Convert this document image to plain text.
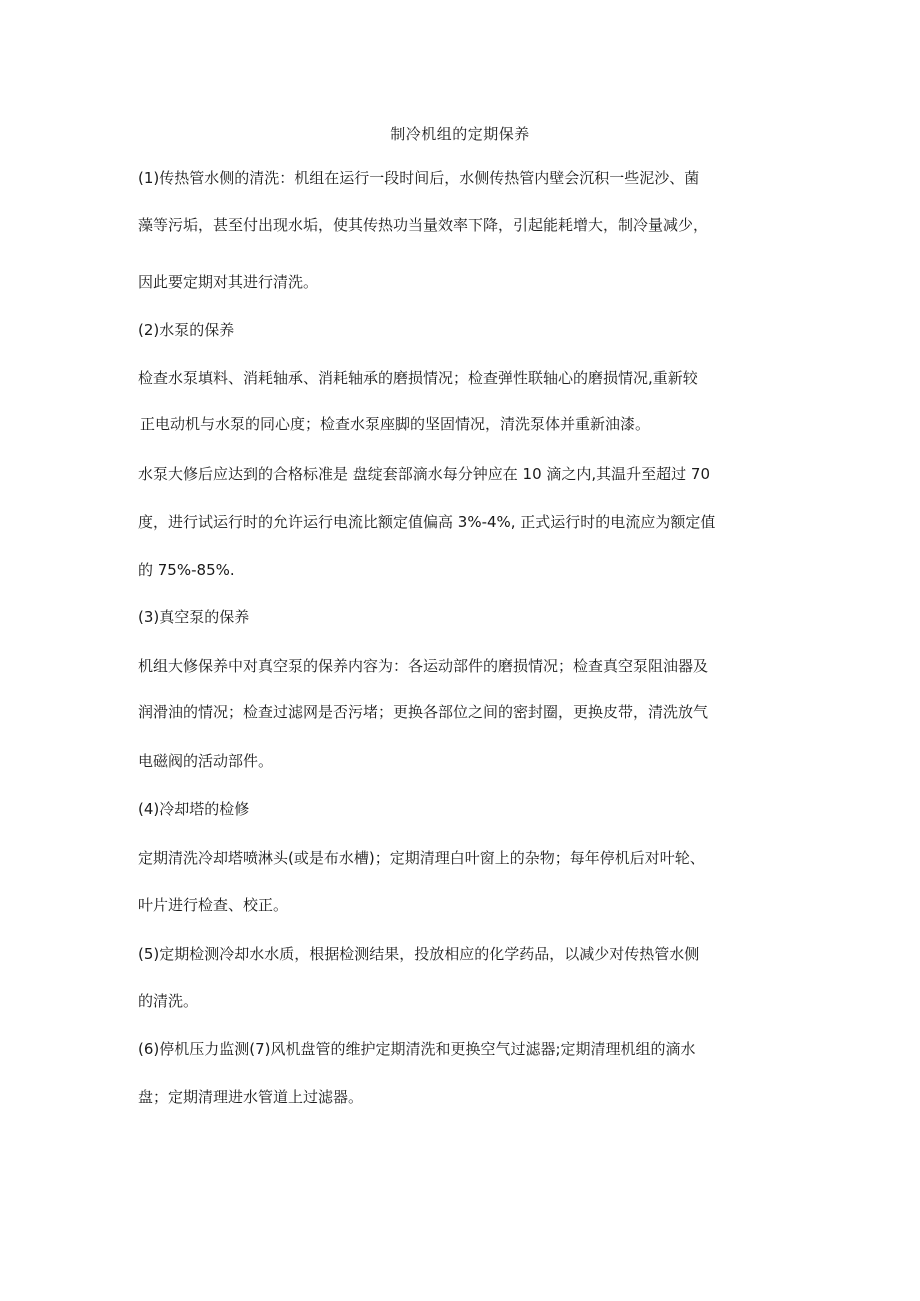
制冷机组的定期保养

(1)传热管水侧的清洗：机组在运行一段时间后，水侧传热管内壁会沉积一些泥沙、菌

藻等污垢，甚至付出现水垢，使其传热功当量效率下降，引起能耗增大，制冷量减少，

因此要定期对其进行清洗。

(2)水泵的保养

检查水泵填料、消耗轴承、消耗轴承的磨损情况；检查弹性联轴心的磨损情况,重新较

正电动机与水泵的同心度；检查水泵座脚的坚固情况，清洗泵体并重新油漆。

水泵大修后应达到的合格标准是 盘绽套部滴水每分钟应在 10 滴之内,其温升至超过 70

度，进行试运行时的允许运行电流比额定值偏高 3%-4%, 正式运行时的电流应为额定值

的 75%-85%.

(3)真空泵的保养

机组大修保养中对真空泵的保养内容为：各运动部件的磨损情况；检查真空泵阻油器及

润滑油的情况；检查过滤网是否污堵；更换各部位之间的密封圈，更换皮带，清洗放气

电磁阀的活动部件。

(4)冷却塔的检修

定期清洗冷却塔喷淋头(或是布水槽)；定期清理白叶窗上的杂物；每年停机后对叶轮、

叶片进行检查、校正。

(5)定期检测冷却水水质，根据检测结果，投放相应的化学药品，以减少对传热管水侧

的清洗。

(6)停机压力监测(7)风机盘管的维护定期清洗和更换空气过滤器;定期清理机组的滴水

盘；定期清理进水管道上过滤器。
